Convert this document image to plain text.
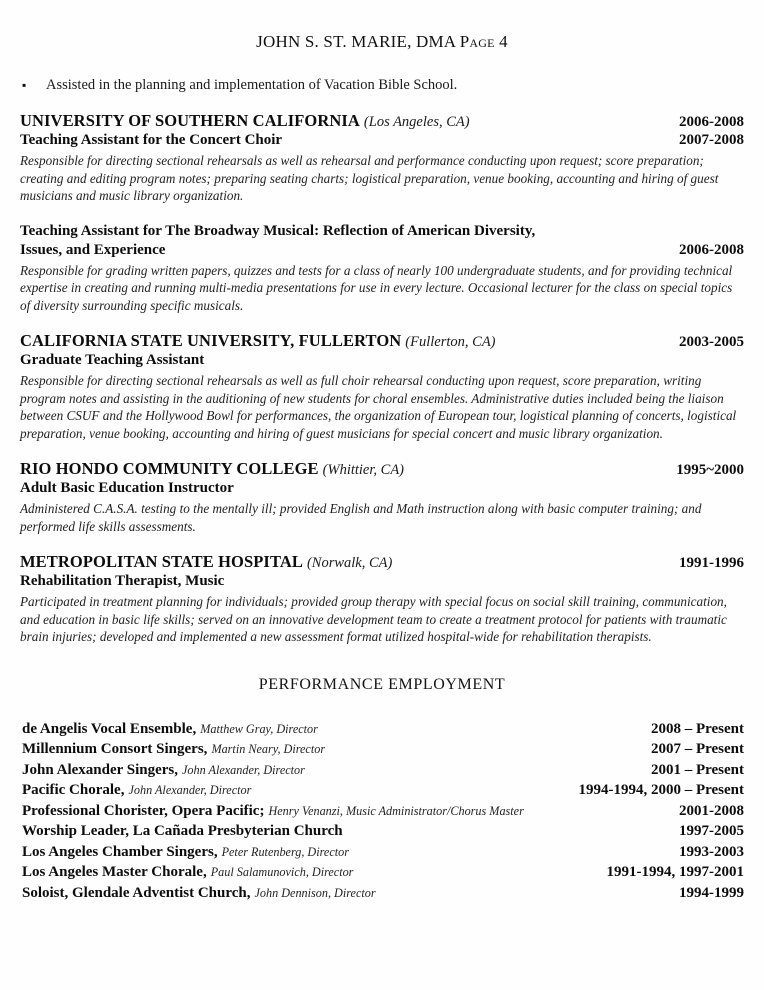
JOHN S. ST. MARIE, DMA Page 4
▪	Assisted in the planning and implementation of Vacation Bible School.
UNIVERSITY OF SOUTHERN CALIFORNIA (Los Angeles, CA)	2006-2008
Teaching Assistant for the Concert Choir	2007-2008
Responsible for directing sectional rehearsals as well as rehearsal and performance conducting upon request; score preparation; creating and editing program notes; preparing seating charts; logistical preparation, venue booking, accounting and hiring of guest musicians and music library organization.
Teaching Assistant for The Broadway Musical: Reflection of American Diversity,
Issues, and Experience	2006-2008
Responsible for grading written papers, quizzes and tests for a class of nearly 100 undergraduate students, and for providing technical expertise in creating and running multi-media presentations for use in every lecture. Occasional lecturer for the class on special topics of diversity surrounding specific musicals.
CALIFORNIA STATE UNIVERSITY, FULLERTON (Fullerton, CA)	2003-2005
Graduate Teaching Assistant
Responsible for directing sectional rehearsals as well as full choir rehearsal conducting upon request, score preparation, writing program notes and assisting in the auditioning of new students for choral ensembles. Administrative duties included being the liaison between CSUF and the Hollywood Bowl for performances, the organization of European tour, logistical planning of concerts, logistical preparation, venue booking, accounting and hiring of guest musicians for special concert and music library organization.
RIO HONDO COMMUNITY COLLEGE (Whittier, CA)	1995~2000
Adult Basic Education Instructor
Administered C.A.S.A. testing to the mentally ill; provided English and Math instruction along with basic computer training; and performed life skills assessments.
METROPOLITAN STATE HOSPITAL (Norwalk, CA)	1991-1996
Rehabilitation Therapist, Music
Participated in treatment planning for individuals; provided group therapy with special focus on social skill training, communication, and education in basic life skills; served on an innovative development team to create a treatment protocol for patients with traumatic brain injuries; developed and implemented a new assessment format utilized hospital-wide for rehabilitation therapists.
PERFORMANCE EMPLOYMENT
de Angelis Vocal Ensemble, Matthew Gray, Director	2008 – Present
Millennium Consort Singers, Martin Neary, Director	2007 – Present
John Alexander Singers, John Alexander, Director	2001 – Present
Pacific Chorale, John Alexander, Director	1994-1994, 2000 – Present
Professional Chorister, Opera Pacific; Henry Venanzi, Music Administrator/Chorus Master	2001-2008
Worship Leader, La Cañada Presbyterian Church	1997-2005
Los Angeles Chamber Singers, Peter Rutenberg, Director	1993-2003
Los Angeles Master Chorale, Paul Salamunovich, Director	1991-1994, 1997-2001
Soloist, Glendale Adventist Church, John Dennison, Director	1994-1999
